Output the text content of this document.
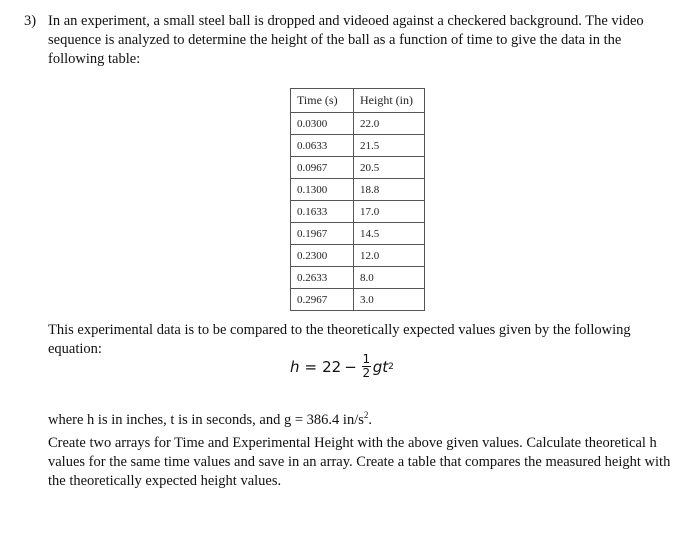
3) In an experiment, a small steel ball is dropped and videoed against a checkered background. The video sequence is analyzed to determine the height of the ball as a function of time to give the data in the following table:
Time (s)	Height (in)
0.0300	22.0
0.0633	21.5
0.0967	20.5
0.1300	18.8
0.1633	17.0
0.1967	14.5
0.2300	12.0
0.2633	8.0
0.2967	3.0
This experimental data is to be compared to the theoretically expected values given by the following equation:
$h = 22 - \frac{1}{2}$ gt 2
where h is in inches, t is in seconds, and g = 386.4 $in/s^2$.
Create two arrays for Time and Experimental Height with the above given values. Calculate theoretical h values for the same time values and save in an array. Create a table that compares the measured height with the theoretically expected height values.
